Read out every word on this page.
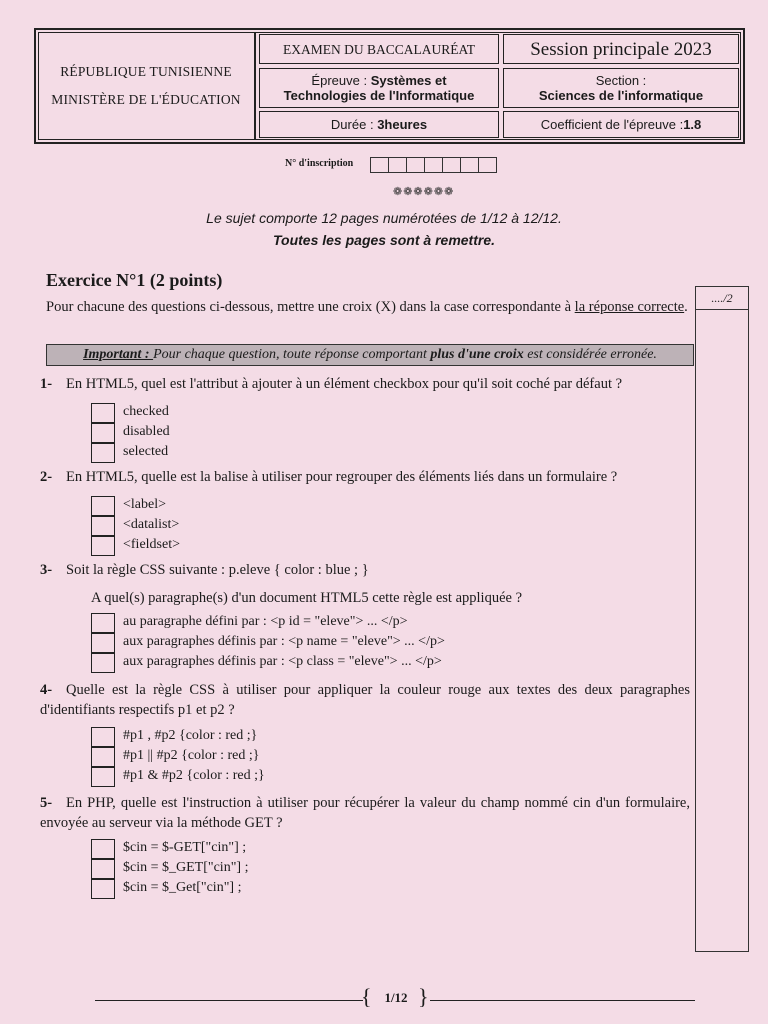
RÉPUBLIQUE TUNISIENNE
MINISTÈRE DE L'ÉDUCATION
EXAMEN DU BACCALAURÉAT	Session principale 2023
Épreuve : Systèmes et Technologies de l'Informatique
Section :
Sciences de l'informatique
Durée :
3heures	Coefficient de l'épreuve : 1.8
N° d'inscription
❁❁❁❁❁❁
Le sujet comporte 12 pages numérotées de 1/12 à 12/12.
Toutes les pages sont à remettre.
..../2
Exercice N°1 (2 points)
Pour chacune des questions ci-dessous, mettre une croix (X) dans la case correspondante à la réponse correcte.
Important : Pour chaque question, toute réponse comportant plus d'une croix est considérée erronée.
1- En HTML5, quel est l'attribut à ajouter à un élément checkbox pour qu'il soit coché par défaut ?
checked
disabled
selected
2- En HTML5, quelle est la balise à utiliser pour regrouper des éléments liés dans un formulaire ?
<label>
<datalist>
<fieldset>
3- Soit la règle CSS suivante : p.eleve { color : blue ; }
A quel(s) paragraphe(s) d'un document HTML5 cette règle est appliquée ?
au paragraphe défini par : <p id = "eleve"> ... </p>
aux paragraphes définis par : <p name = "eleve"> ... </p>
aux paragraphes définis par : <p class = "eleve"> ... </p>
4- Quelle est la règle CSS à utiliser pour appliquer la couleur rouge aux textes des deux paragraphes d'identifiants respectifs p1 et p2 ?
#p1 , #p2 {color : red ;}
#p1 || #p2 {color : red ;}
#p1 & #p2 {color : red ;}
5- En PHP, quelle est l'instruction à utiliser pour récupérer la valeur du champ nommé cin d'un formulaire, envoyée au serveur via la méthode GET ?
$cin = $-GET["cin"] ;
$cin = $_GET["cin"] ;
$cin = $_Get["cin"] ;
{ 1/12 }
